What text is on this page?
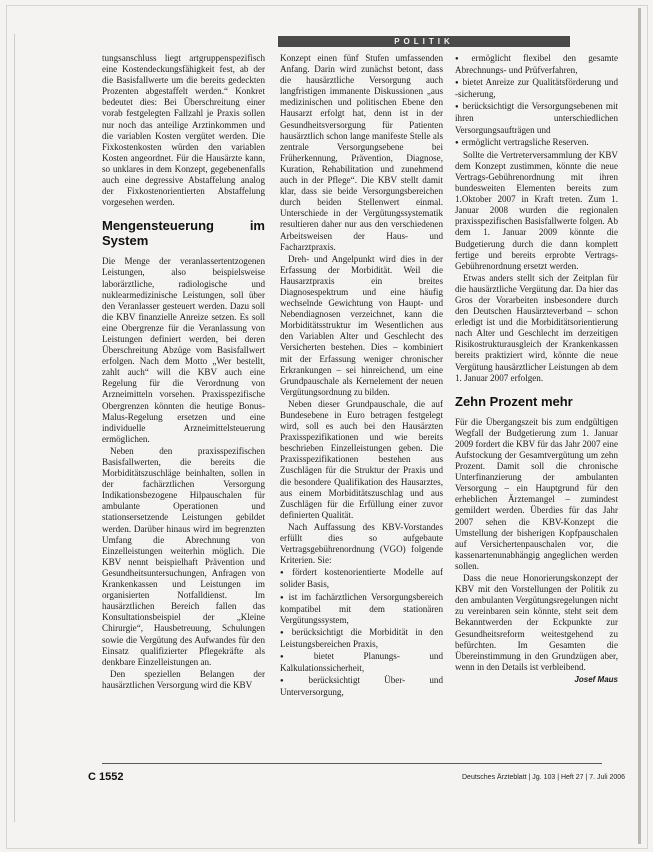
POLITIK

tungsanschluss liegt artgruppenspezifisch eine Kostendeckungsfähigkeit fest, ab der die Basisfallwerte um die bereits gedeckten Prozenten abgestaffelt werden.“ Konkret bedeutet dies: Bei Überschreitung einer vorab festgelegten Fallzahl je Praxis sollen nur noch das anteilige Arztinkommen und die variablen Kosten vergütet werden. Die Fixkostenkosten würden den variablen Kosten angeordnet. Für die Hausärzte kann, so unklares in dem Konzept, gegebenenfalls auch eine degressive Abstaffelung analog der Fixkostenorientierten Abstaffelung vorgesehen werden.

Mengensteuerung im System

Die Menge der veranlassertentzogenen Leistungen, also beispielsweise laborärztliche, radiologische und nuklearmedizinische Leistungen, soll über den Veranlasser gesteuert werden. Dazu soll die KBV finanzielle Anreize setzen. Es soll eine Obergrenze für die Veranlassung von Leistungen definiert werden, bei deren Überschreitung Abzüge vom Basisfallwert erfolgen. Nach dem Motto „Wer bestellt, zahlt auch“ will die KBV auch eine Regelung für die Verordnung von Arzneimitteln vorsehen. Praxisspezifische Obergrenzen könnten die heutige Bonus-Malus-Regelung ersetzen und eine individuelle Arzneimittelsteuerung ermöglichen.

Neben den praxisspezifischen Basisfallwerten, die bereits die Morbiditätszuschläge beinhalten, sollen in der fachärztlichen Versorgung Indikationsbezogene Hilpauschalen für ambulante Operationen und stationsersetzende Leistungen gebildet werden. Darüber hinaus wird im begrenzten Umfang die Abrechnung von Einzelleistungen weiterhin möglich. Die KBV nennt beispielhaft Prävention und Gesundheitsuntersuchungen, Anfragen von Krankenkassen und Leistungen im organisierten Notfalldienst. Im hausärztlichen Bereich fallen das Konsultationsbeispiel der „Kleine Chirurgie“, Hausbetreuung, Schulungen sowie die Vergütung des Aufwandes für den Einsatz qualifizierter Pflegekräfte als denkbare Einzelleistungen an.

Den speziellen Belangen der hausärztlichen Versorgung wird die KBV

Konzept einen fünf Stufen umfassenden Anfang. Darin wird zunächst betont, dass die hausärztliche Versorgung auch langfristigen immanente Diskussionen „aus medizinischen und politischen Ebene den Hausarzt erfolgt hat, denn ist in der Gesundheitsversorgung für Patienten hausärztlich schon lange manifeste Stelle als zentrale Versorgungsebene bei Früherkennung, Prävention, Diagnose, Kuration, Rehabilitation und zunehmend auch in der Pflege“. Die KBV stellt damit klar, dass sie beide Versorgungsbereichen durch beiden Stellenwert einmal. Unterschiede in der Vergütungssystematik resultieren daher nur aus den verschiedenen Arbeitsweisen der Haus- und Facharztpraxis.

Dreh- und Angelpunkt wird dies in der Erfassung der Morbidität. Weil die Hausarztpraxis ein breites Diagnosespektrum und eine häufig wechselnde Gewichtung von Haupt- und Nebendiagnosen verzeichnet, kann die Morbiditätsstruktur im Wesentlichen aus den Variablen Alter und Geschlecht des Versicherten bestehen. Dies – kombiniert mit der Erfassung weniger chronischer Erkrankungen – sei hinreichend, um eine Grundpauschale als Kernelement der neuen Vergütungsordnung zu bilden.

Neben dieser Grundpauschale, die auf Bundesebene in Euro betragen festgelegt wird, soll es auch bei den Hausärzten Praxisspezifikationen und wie bereits beschrieben Einzelleistungen geben. Die Praxisspezifikationen bestehen aus Zuschlägen für die Struktur der Praxis und die besondere Qualifikation des Hausarztes, aus einem Morbiditätszuschlag und aus Zuschlägen für die Erfüllung einer zuvor definierten Qualität.

Nach Auffassung des KBV-Vorstandes erfüllt dies so aufgebaute Vertragsgebührenordnung (VGO) folgende Kriterien. Sie:

● fördert kostenorientierte Modelle auf solider Basis,
● ist im fachärztlichen Versorgungsbereich kompatibel mit dem stationären Vergütungssystem,
● berücksichtigt die Morbidität in den Leistungsbereichen Praxis,
● bietet Planungs- und Kalkulationssicherheit,
● berücksichtigt Über- und Unterversorgung,
● ermöglicht flexibel den gesamte Abrechnungs- und Prüfverfahren,
● bietet Anreize zur Qualitätsförderung und -sicherung,
● berücksichtigt die Versorgungsebenen mit ihren unterschiedlichen Versorgungsaufträgen und
● ermöglicht vertragsliche Reserven.

Sollte die Vertreterversammlung der KBV dem Konzept zustimmen, könnte die neue Vertrags-Gebührenordnung mit ihren bundesweiten Elementen bereits zum 1.Oktober 2007 in Kraft treten. Zum 1. Januar 2008 wurden die regionalen praxisspezifischen Basisfallwerte folgen. Ab dem 1. Januar 2009 könnte die Budgetierung durch die dann komplett fertige und bereits erprobte Vertrags-Gebührenordnung ersetzt werden.

Etwas anders stellt sich der Zeitplan für die hausärztliche Vergütung dar. Da hier das Gros der Vorarbeiten insbesondere durch den Deutschen Hausärzteverband – schon erledigt ist und die Morbiditätsorientierung nach Alter und Geschlecht im derzeitigen Risikostrukturausgleich der Krankenkassen bereits praktiziert wird, könnte die neue Vergütung hausärztlicher Leistungen ab dem 1. Januar 2007 erfolgen.

Zehn Prozent mehr

Für die Übergangszeit bis zum endgültigen Wegfall der Budgetierung zum 1. Januar 2009 fordert die KBV für das Jahr 2007 eine Aufstockung der Gesamtvergütung um zehn Prozent. Damit soll die chronische Unterfinanzierung der ambulanten Versorgung – ein Hauptgrund für den erheblichen Ärztemangel – zumindest gemildert werden. Überdies für das Jahr 2007 sehen die KBV-Konzept die Umstellung der bisherigen Kopfpauschalen auf Versichertenpauschalen vor, die kassenartenunabhängig angeglichen werden sollen.

Dass die neue Honorierungskonzept der KBV mit den Vorstellungen der Politik zu den ambulanten Vergütungsregelungen nicht zu vereinbaren sein könnte, steht seit dem Bekanntwerden der Eckpunkte zur Gesundheitsreform weitestgehend zu befürchten. Im Gesamten die Übereinstimmung in den Grundzügen aber, wenn in den Details ist verbleibend.

Josef Maus
C 1552	Deutsches Ärzteblatt | Jg. 103 | Heft 27 | 7. Juli 2006
